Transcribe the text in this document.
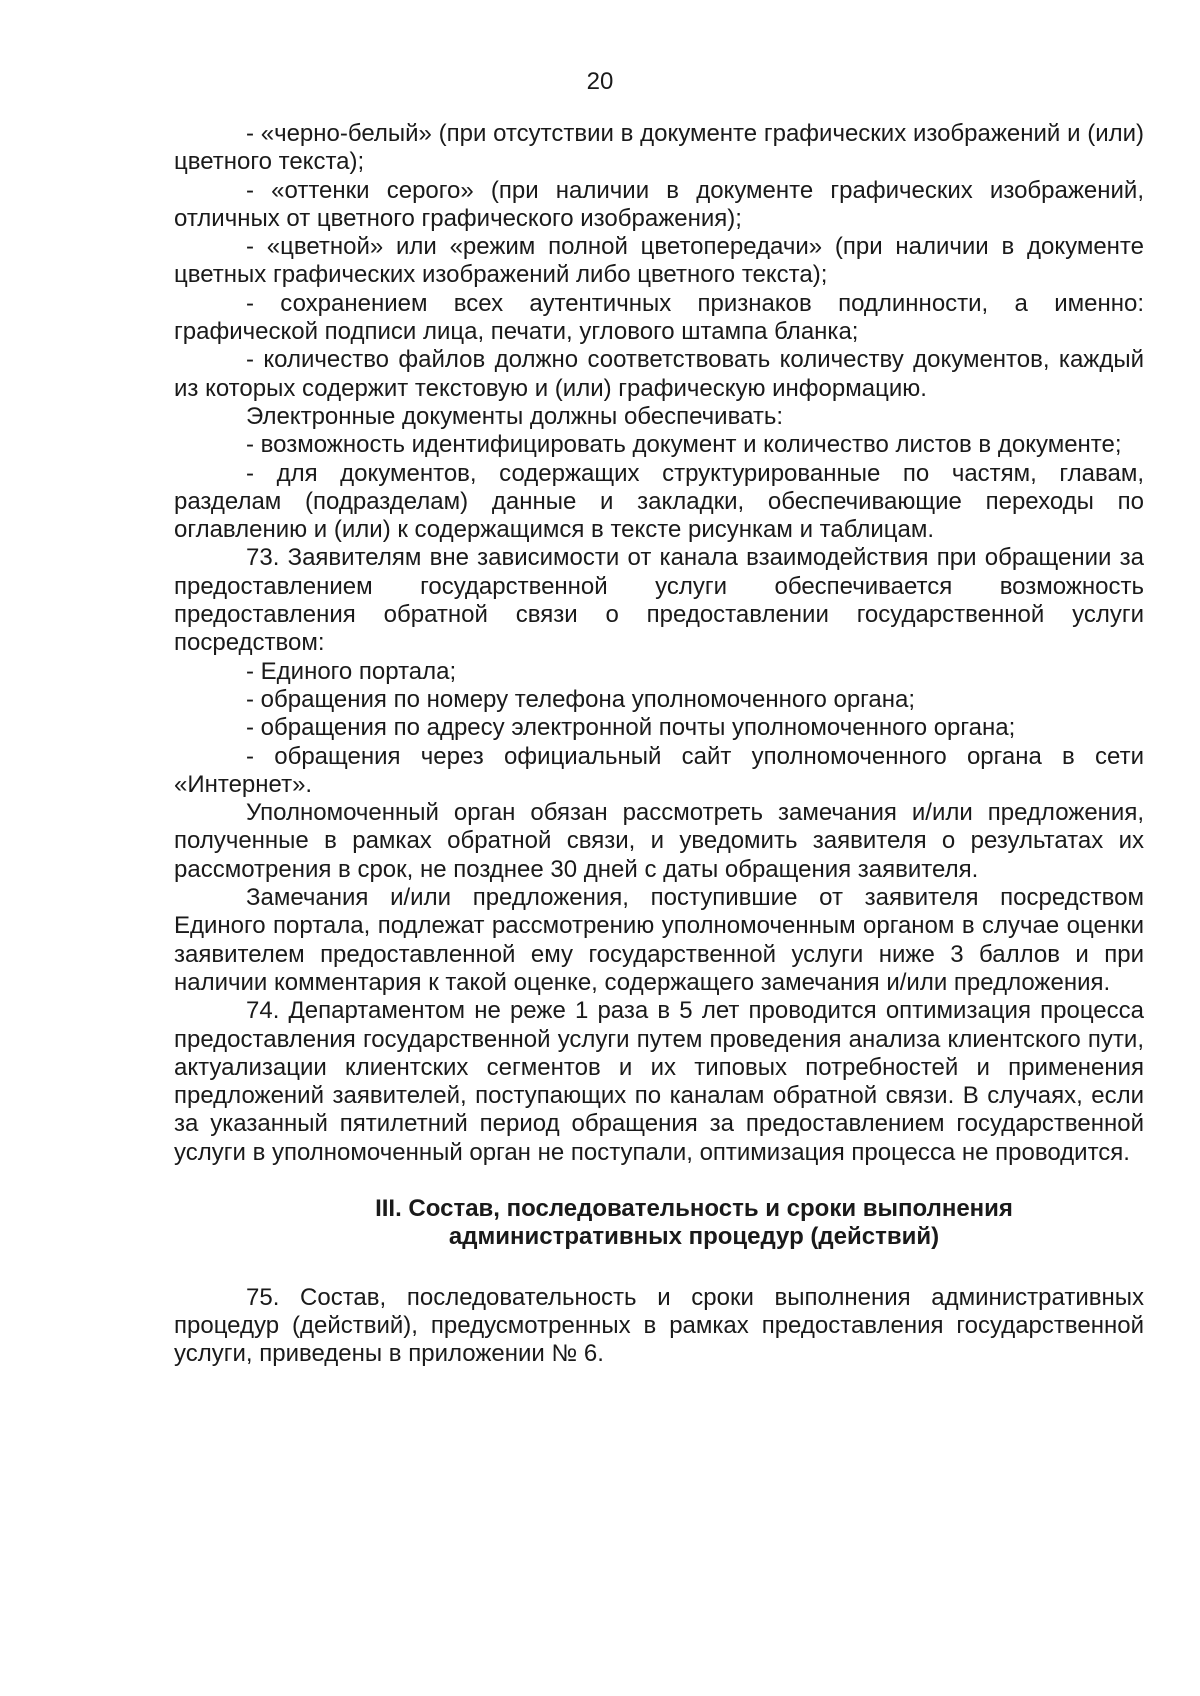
20

- «черно-белый» (при отсутствии в документе графических изображений и (или) цветного текста);

- «оттенки серого» (при наличии в документе графических изображений, отличных от цветного графического изображения);

- «цветной» или «режим полной цветопередачи» (при наличии в документе цветных графических изображений либо цветного текста);

- сохранением всех аутентичных признаков подлинности, а именно: графической подписи лица, печати, углового штампа бланка;

- количество файлов должно соответствовать количеству документов, каждый из которых содержит текстовую и (или) графическую информацию.

Электронные документы должны обеспечивать:

- возможность идентифицировать документ и количество листов в документе;

- для документов, содержащих структурированные по частям, главам, разделам (подразделам) данные и закладки, обеспечивающие переходы по оглавлению и (или) к содержащимся в тексте рисункам и таблицам.

73. Заявителям вне зависимости от канала взаимодействия при обращении за предоставлением государственной услуги обеспечивается возможность предоставления обратной связи о предоставлении государственной услуги посредством:

- Единого портала;

- обращения по номеру телефона уполномоченного органа;

- обращения по адресу электронной почты уполномоченного органа;

- обращения через официальный сайт уполномоченного органа в сети «Интернет».

Уполномоченный орган обязан рассмотреть замечания и/или предложения, полученные в рамках обратной связи, и уведомить заявителя о результатах их рассмотрения в срок, не позднее 30 дней с даты обращения заявителя.

Замечания и/или предложения, поступившие от заявителя посредством Единого портала, подлежат рассмотрению уполномоченным органом в случае оценки заявителем предоставленной ему государственной услуги ниже 3 баллов и при наличии комментария к такой оценке, содержащего замечания и/или предложения.

74. Департаментом не реже 1 раза в 5 лет проводится оптимизация процесса предоставления государственной услуги путем проведения анализа клиентского пути, актуализации клиентских сегментов и их типовых потребностей и применения предложений заявителей, поступающих по каналам обратной связи. В случаях, если за указанный пятилетний период обращения за предоставлением государственной услуги в уполномоченный орган не поступали, оптимизация процесса не проводится.

III. Состав, последовательность и сроки выполнения
административных процедур (действий)

75. Состав, последовательность и сроки выполнения административных процедур (действий), предусмотренных в рамках предоставления государственной услуги, приведены в приложении № 6.
